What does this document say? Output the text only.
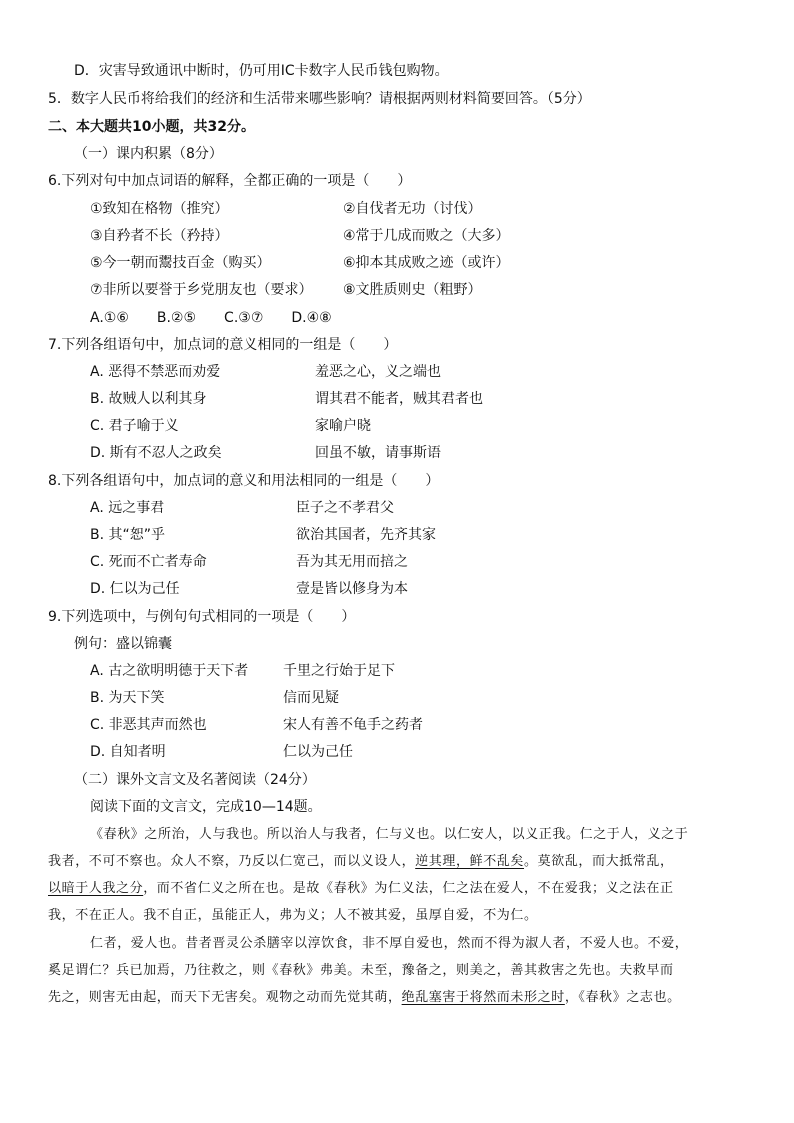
D．灾害导致通讯中断时，仍可用IC卡数字人民币钱包购物。
5．数字人民币将给我们的经济和生活带来哪些影响？请根据两则材料简要回答。（5分）
二、本大题共10小题，共32分。
（一）课内积累（8分）
6.下列对句中加点词语的解释，全都正确的一项是（　　）
①致知在格物（推究）	②自伐者无功（讨伐）
③自矜者不长（矜持）	④常于几成而败之（大多）
⑤今一朝而鬻技百金（购买）	⑥抑本其成败之迹（或许）
⑦非所以要誉于乡党朋友也（要求） ⑧文胜质则史（粗野）
A.①⑥　　B.②⑤　　C.③⑦　　D.④⑧
7.下列各组语句中，加点词的意义相同的一组是（　　）
A. 恶得不禁恶而劝爱	羞恶之心，义之端也
B. 故贼人以利其身	谓其君不能者，贼其君者也
C. 君子喻于义	家喻户晓
D. 斯有不忍人之政矣	回虽不敏，请事斯语
8.下列各组语句中，加点词的意义和用法相同的一组是（　　）
A. 远之事君	臣子之不孝君父
B. 其“恕”乎	欲治其国者，先齐其家
C. 死而不亡者寿命	吾为其无用而掊之
D. 仁以为己任	壹是皆以修身为本
9.下列选项中，与例句句式相同的一项是（　　）
例句：盛以锦囊
A. 古之欲明明德于天下者 千里之行始于足下
B. 为天下笑	信而见疑
C. 非恶其声而然也	宋人有善不龟手之药者
D. 自知者明	仁以为己任
（二）课外文言文及名著阅读（24分）
阅读下面的文言文，完成10—14题。
《春秋》之所治，人与我也。所以治人与我者，仁与义也。以仁安人，以义正我。仁之于人，义之于
我者，不可不察也。众人不察，乃反以仁宽己，而以义设人，逆其理，鲜不乱矣。莫欲乱，而大抵常乱，
以暗于人我之分，而不省仁义之所在也。是故《春秋》为仁义法，仁之法在爱人，不在爱我；义之法在正
我，不在正人。我不自正，虽能正人，弗为义；人不被其爱，虽厚自爱，不为仁。
仁者，爱人也。昔者晋灵公杀膳宰以淳饮食，非不厚自爱也，然而不得为淑人者，不爱人也。不爱，
奚足谓仁？兵已加焉，乃往救之，则《春秋》弗美。未至，豫备之，则美之，善其救害之先也。夫救早而
先之，则害无由起，而天下无害矣。观物之动而先觉其萌，绝乱塞害于将然而未形之时，《春秋》之志也。
